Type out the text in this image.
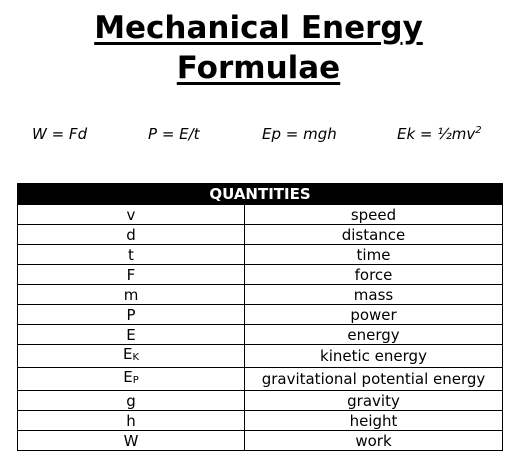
Mechanical Energy
Formulae
W = Fd	P = E/t	Ep = mgh	$Ek = \frac{1}{2}mv^2$
QUANTITIES	
v	speed
d	distance
t	time
F	force
m	mass
P	power
E	energy
EK	kinetic energy
EP	gravitational potential energy
g	gravity
h	height
W	work
